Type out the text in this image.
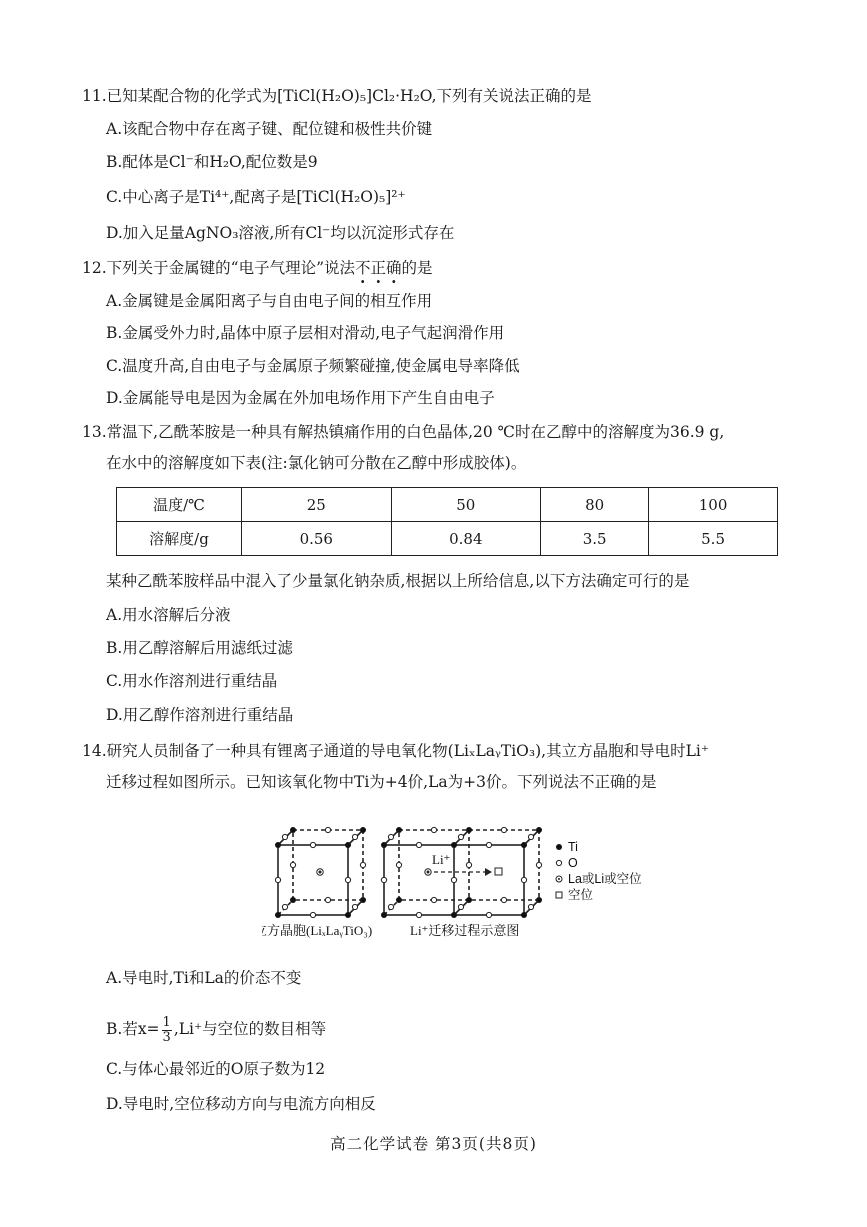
11.已知某配合物的化学式为[TiCl(H₂O)₅]Cl₂·H₂O,下列有关说法正确的是
A.该配合物中存在离子键、配位键和极性共价键
B.配体是Cl⁻和H₂O,配位数是9
C.中心离子是Ti⁴⁺,配离子是[TiCl(H₂O)₅]²⁺
D.加入足量AgNO₃溶液,所有Cl⁻均以沉淀形式存在
12.下列关于金属键的“电子气理论”说法不正确的是
A.金属键是金属阳离子与自由电子间的相互作用
B.金属受外力时,晶体中原子层相对滑动,电子气起润滑作用
C.温度升高,自由电子与金属原子频繁碰撞,使金属电导率降低
D.金属能导电是因为金属在外加电场作用下产生自由电子
13.常温下,乙酰苯胺是一种具有解热镇痛作用的白色晶体,20 ℃时在乙醇中的溶解度为36.9 g,
在水中的溶解度如下表(注:氯化钠可分散在乙醇中形成胶体)。
温度/℃	25	50	80	100
溶解度/g	0.56	0.84	3.5	5.5
某种乙酰苯胺样品中混入了少量氯化钠杂质,根据以上所给信息,以下方法确定可行的是
A.用水溶解后分液
B.用乙醇溶解后用滤纸过滤
C.用水作溶剂进行重结晶
D.用乙醇作溶剂进行重结晶
14.研究人员制备了一种具有锂离子通道的导电氧化物(LiₓLaᵧTiO₃),其立方晶胞和导电时Li⁺
迁移过程如图所示。已知该氧化物中Ti为+4价,La为+3价。下列说法不正确的是
Li⁺
Ti
O
La或Li或空位
空位
立方晶胞(LiₓLaᵧTiO₃)	Li⁺迁移过程示意图
A.导电时,Ti和La的价态不变
B.若$x= \frac{1}{3} ,Li^+$与空位的数目相等
C.与体心最邻近的O原子数为12
D.导电时,空位移动方向与电流方向相反
高二化学试卷 第3页(共8页)
